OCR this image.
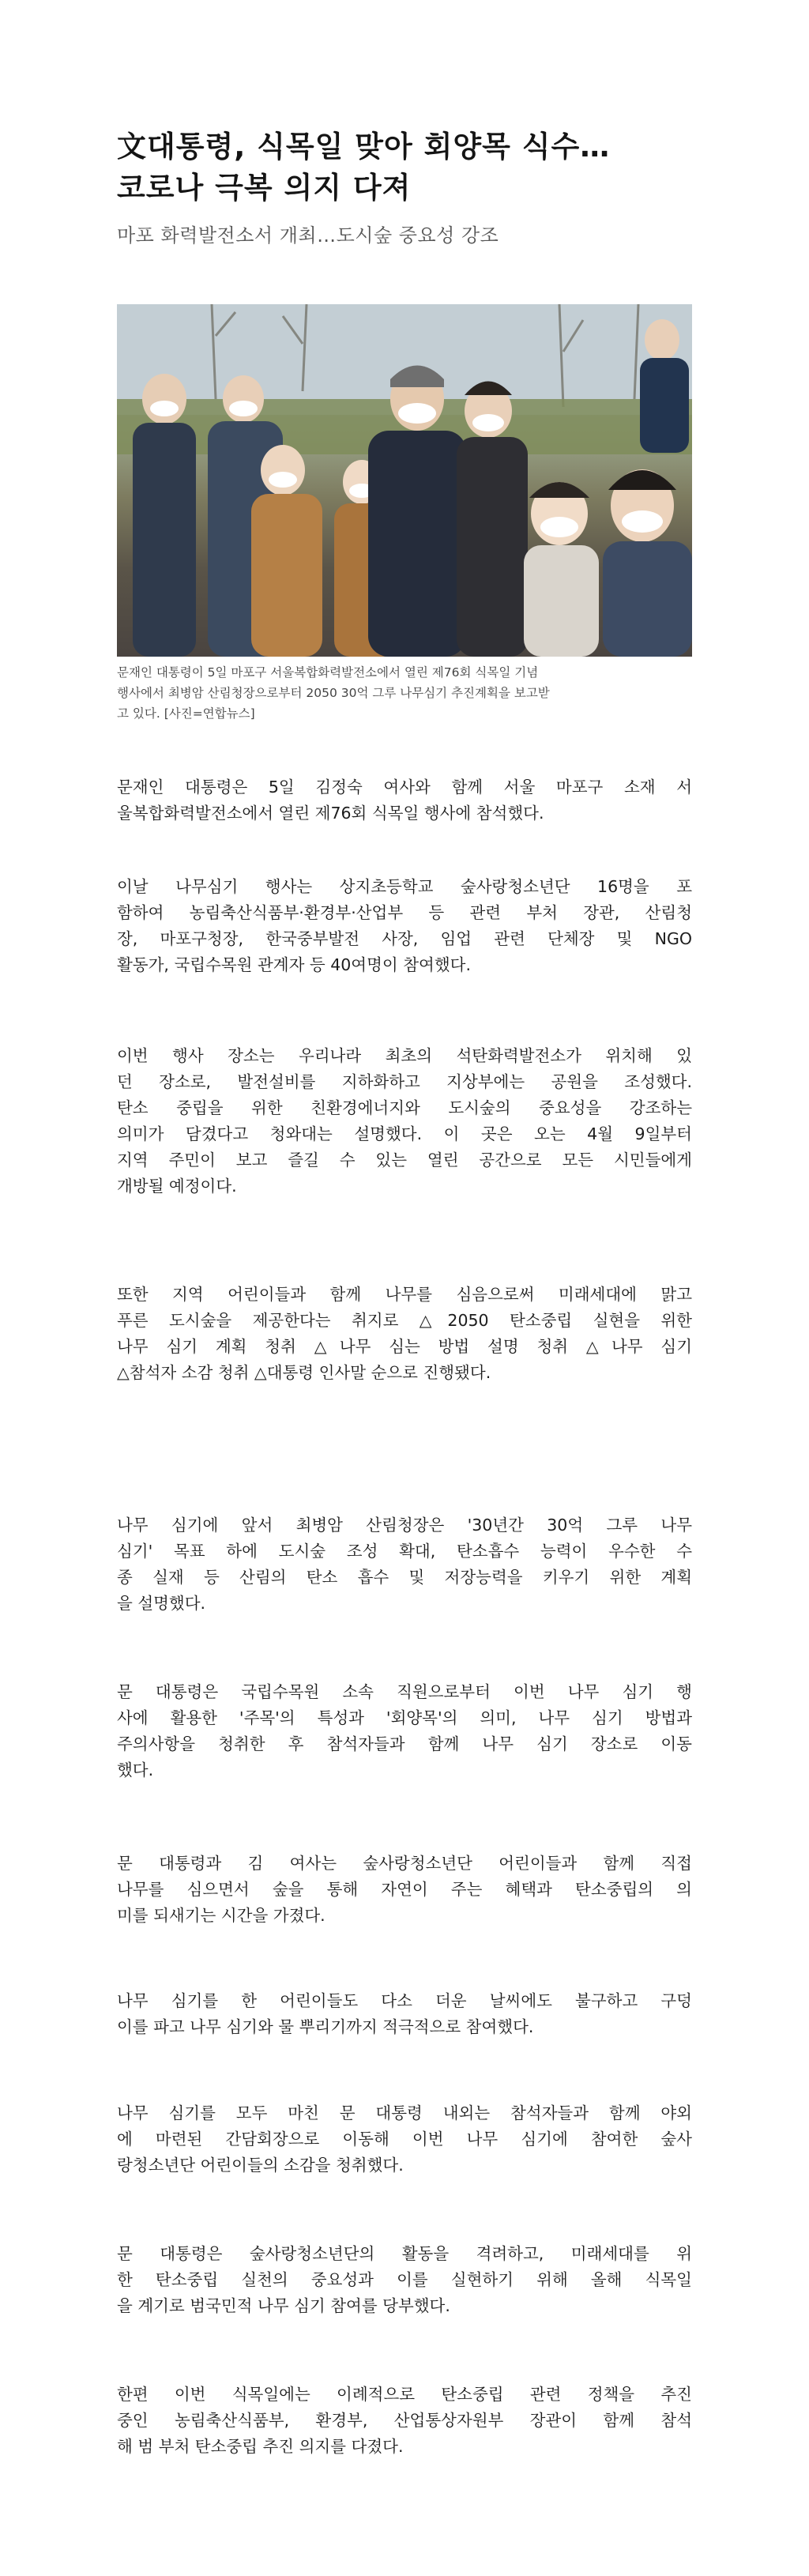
文대통령, 식목일 맞아 회양목 식수…
코로나 극복 의지 다져

마포 화력발전소서 개최…도시숲 중요성 강조

문재인 대통령이 5일 마포구 서울복합화력발전소에서 열린 제76회 식목일 기념
행사에서 최병암 산림청장으로부터 2050 30억 그루 나무심기 추진계획을 보고받
고 있다. [사진=연합뉴스]

문재인 대통령은 5일 김정숙 여사와 함께 서울 마포구 소재 서
울복합화력발전소에서 열린 제76회 식목일 행사에 참석했다.

이날 나무심기 행사는 상지초등학교 숲사랑청소년단 16명을 포
함하여 농림축산식품부·환경부·산업부 등 관련 부처 장관, 산림청
장, 마포구청장, 한국중부발전 사장, 임업 관련 단체장 및 NGO
활동가, 국립수목원 관계자 등 40여명이 참여했다.

이번 행사 장소는 우리나라 최초의 석탄화력발전소가 위치해 있
던 장소로, 발전설비를 지하화하고 지상부에는 공원을 조성했다.
탄소 중립을 위한 친환경에너지와 도시숲의 중요성을 강조하는
의미가 담겼다고 청와대는 설명했다. 이 곳은 오는 4월 9일부터
지역 주민이 보고 즐길 수 있는 열린 공간으로 모든 시민들에게
개방될 예정이다.

또한 지역 어린이들과 함께 나무를 심음으로써 미래세대에 맑고
푸른 도시숲을 제공한다는 취지로 △2050 탄소중립 실현을 위한
나무 심기 계획 청취 △나무 심는 방법 설명 청취 △나무 심기
△참석자 소감 청취 △대통령 인사말 순으로 진행됐다.

나무 심기에 앞서 최병암 산림청장은 '30년간 30억 그루 나무
심기' 목표 하에 도시숲 조성 확대, 탄소흡수 능력이 우수한 수
종 실재 등 산림의 탄소 흡수 및 저장능력을 키우기 위한 계획
을 설명했다.

문 대통령은 국립수목원 소속 직원으로부터 이번 나무 심기 행
사에 활용한 '주목'의 특성과 '회양목'의 의미, 나무 심기 방법과
주의사항을 청취한 후 참석자들과 함께 나무 심기 장소로 이동
했다.

문 대통령과 김 여사는 숲사랑청소년단 어린이들과 함께 직접
나무를 심으면서 숲을 통해 자연이 주는 혜택과 탄소중립의 의
미를 되새기는 시간을 가졌다.

나무 심기를 한 어린이들도 다소 더운 날씨에도 불구하고 구덩
이를 파고 나무 심기와 물 뿌리기까지 적극적으로 참여했다.

나무 심기를 모두 마친 문 대통령 내외는 참석자들과 함께 야외
에 마련된 간담회장으로 이동해 이번 나무 심기에 참여한 숲사
랑청소년단 어린이들의 소감을 청취했다.

문 대통령은 숲사랑청소년단의 활동을 격려하고, 미래세대를 위
한 탄소중립 실천의 중요성과 이를 실현하기 위해 올해 식목일
을 계기로 범국민적 나무 심기 참여를 당부했다.

한편 이번 식목일에는 이례적으로 탄소중립 관련 정책을 추진
중인 농림축산식품부, 환경부, 산업통상자원부 장관이 함께 참석
해 범 부처 탄소중립 추진 의지를 다졌다.
